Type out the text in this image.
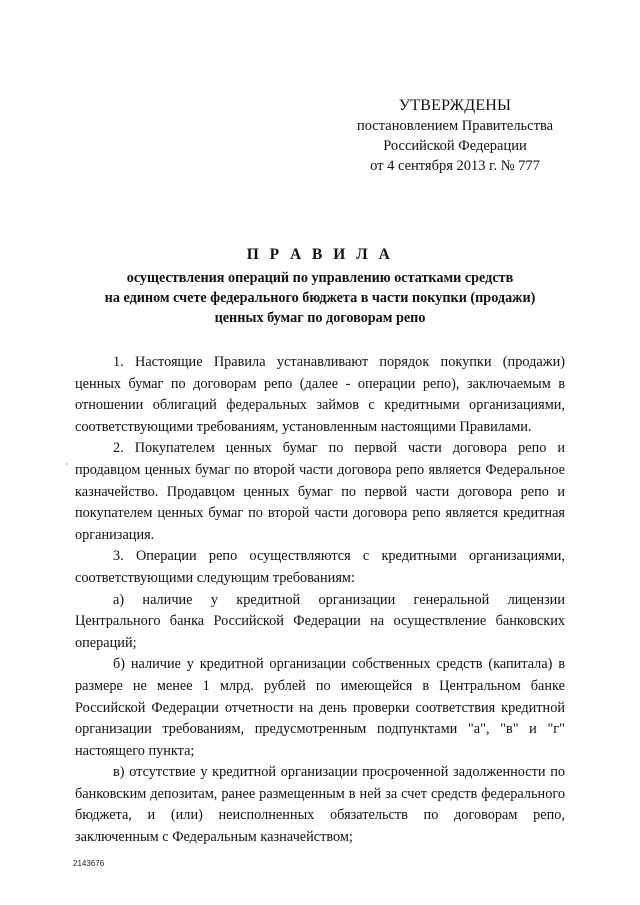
УТВЕРЖДЕНЫ
постановлением Правительства
Российской Федерации
от 4 сентября 2013 г. № 777
П Р А В И Л А
осуществления операций по управлению остатками средств
на едином счете федерального бюджета в части покупки (продажи)
ценных бумаг по договорам репо

1. Настоящие Правила устанавливают порядок покупки (продажи) ценных бумаг по договорам репо (далее - операции репо), заключаемым в отношении облигаций федеральных займов с кредитными организациями, соответствующими требованиям, установленным настоящими Правилами.

2. Покупателем ценных бумаг по первой части договора репо и продавцом ценных бумаг по второй части договора репо является Федеральное казначейство. Продавцом ценных бумаг по первой части договора репо и покупателем ценных бумаг по второй части договора репо является кредитная организация.

3. Операции репо осуществляются с кредитными организациями, соответствующими следующим требованиям:

а) наличие у кредитной организации генеральной лицензии Центрального банка Российской Федерации на осуществление банковских операций;

б) наличие у кредитной организации собственных средств (капитала) в размере не менее 1 млрд. рублей по имеющейся в Центральном банке Российской Федерации отчетности на день проверки соответствия кредитной организации требованиям, предусмотренным подпунктами "а", "в" и "г" настоящего пункта;

в) отсутствие у кредитной организации просроченной задолженности по банковским депозитам, ранее размещенным в ней за счет средств федерального бюджета, и (или) неисполненных обязательств по договорам репо, заключенным с Федеральным казначейством;

2143676
